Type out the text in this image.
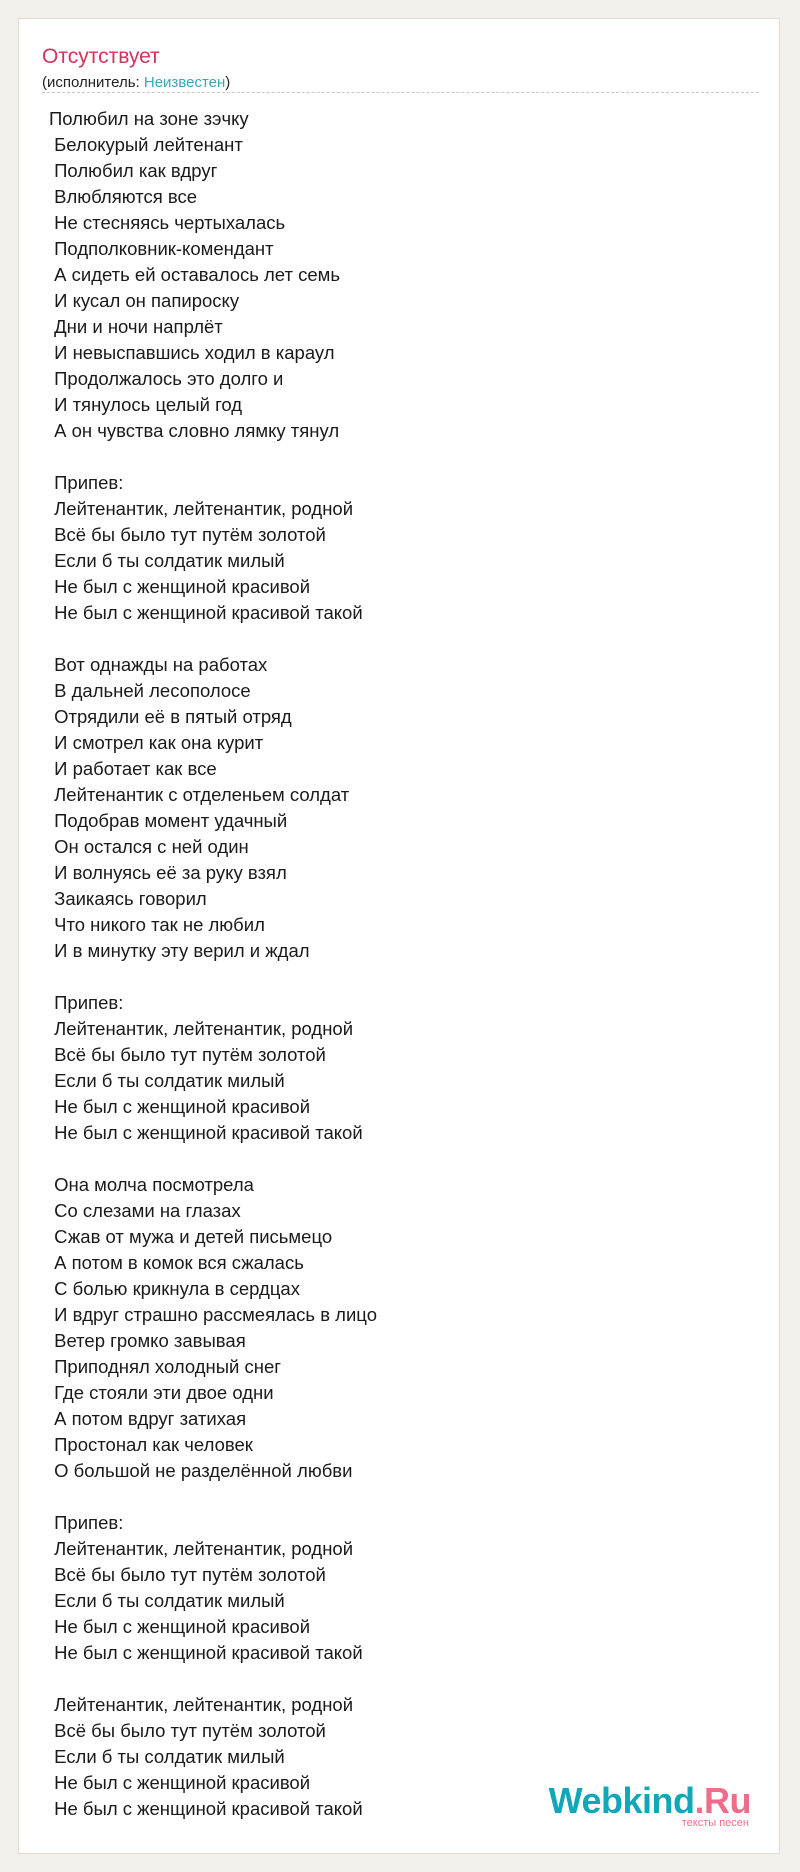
Отсутствует
(исполнитель: Неизвестен)
Полюбил на зоне зэчку
Белокурый лейтенант
Полюбил как вдруг
Влюбляются все
Не стесняясь чертыхалась
Подполковник-комендант
А сидеть ей оставалось лет семь
И кусал он папироску
Дни и ночи напрлёт
И невыспавшись ходил в караул
Продолжалось это долго и
И тянулось целый год
А он чувства словно лямку тянул
Припев:
Лейтенантик, лейтенантик, родной
Всё бы было тут путём золотой
Если б ты солдатик милый
Не был с женщиной красивой
Не был с женщиной красивой такой
Вот однажды на работах
В дальней лесополосе
Отрядили её в пятый отряд
И смотрел как она курит
И работает как все
Лейтенантик с отделеньем солдат
Подобрав момент удачный
Он остался с ней один
И волнуясь её за руку взял
Заикаясь говорил
Что никого так не любил
И в минутку эту верил и ждал
Припев:
Лейтенантик, лейтенантик, родной
Всё бы было тут путём золотой
Если б ты солдатик милый
Не был с женщиной красивой
Не был с женщиной красивой такой
Она молча посмотрела
Со слезами на глазах
Сжав от мужа и детей письмецо
А потом в комок вся сжалась
С болью крикнула в сердцах
И вдруг страшно рассмеялась в лицо
Ветер громко завывая
Приподнял холодный снег
Где стояли эти двое одни
А потом вдруг затихая
Простонал как человек
О большой не разделённой любви
Припев:
Лейтенантик, лейтенантик, родной
Всё бы было тут путём золотой
Если б ты солдатик милый
Не был с женщиной красивой
Не был с женщиной красивой такой
Лейтенантик, лейтенантик, родной
Всё бы было тут путём золотой
Если б ты солдатик милый
Не был с женщиной красивой
Не был с женщиной красивой такой	Webkind.Ru
тексты песен
